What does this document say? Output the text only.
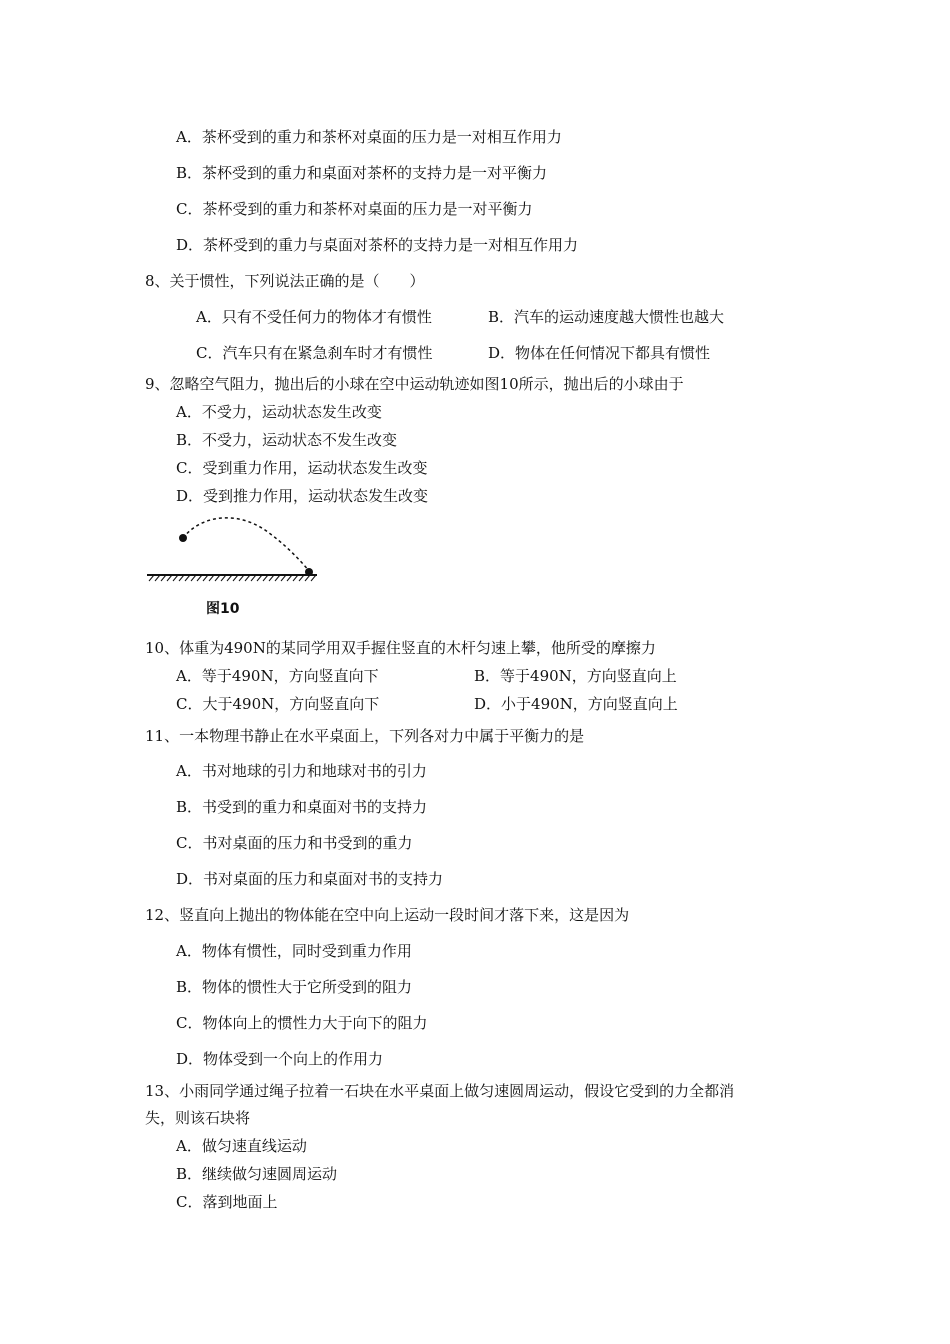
A．茶杯受到的重力和茶杯对桌面的压力是一对相互作用力
B．茶杯受到的重力和桌面对茶杯的支持力是一对平衡力
C．茶杯受到的重力和茶杯对桌面的压力是一对平衡力
D．茶杯受到的重力与桌面对茶杯的支持力是一对相互作用力
8、关于惯性，下列说法正确的是（　　）
A．只有不受任何力的物体才有惯性	B．汽车的运动速度越大惯性也越大
C．汽车只有在紧急刹车时才有惯性	D．物体在任何情况下都具有惯性
9、忽略空气阻力，抛出后的小球在空中运动轨迹如图10所示，抛出后的小球由于
A．不受力，运动状态发生改变
B．不受力，运动状态不发生改变
C．受到重力作用，运动状态发生改变
D．受到推力作用，运动状态发生改变
图10
10、体重为490N的某同学用双手握住竖直的木杆匀速上攀，他所受的摩擦力
A．等于490N，方向竖直向下	B．等于490N，方向竖直向上
C．大于490N，方向竖直向下	D．小于490N，方向竖直向上
11、一本物理书静止在水平桌面上，下列各对力中属于平衡力的是
A．书对地球的引力和地球对书的引力
B．书受到的重力和桌面对书的支持力
C．书对桌面的压力和书受到的重力
D．书对桌面的压力和桌面对书的支持力
12、竖直向上抛出的物体能在空中向上运动一段时间才落下来，这是因为
A．物体有惯性，同时受到重力作用
B．物体的惯性大于它所受到的阻力
C．物体向上的惯性力大于向下的阻力
D．物体受到一个向上的作用力
13、小雨同学通过绳子拉着一石块在水平桌面上做匀速圆周运动，假设它受到的力全都消
失，则该石块将
A．做匀速直线运动
B．继续做匀速圆周运动
C．落到地面上
